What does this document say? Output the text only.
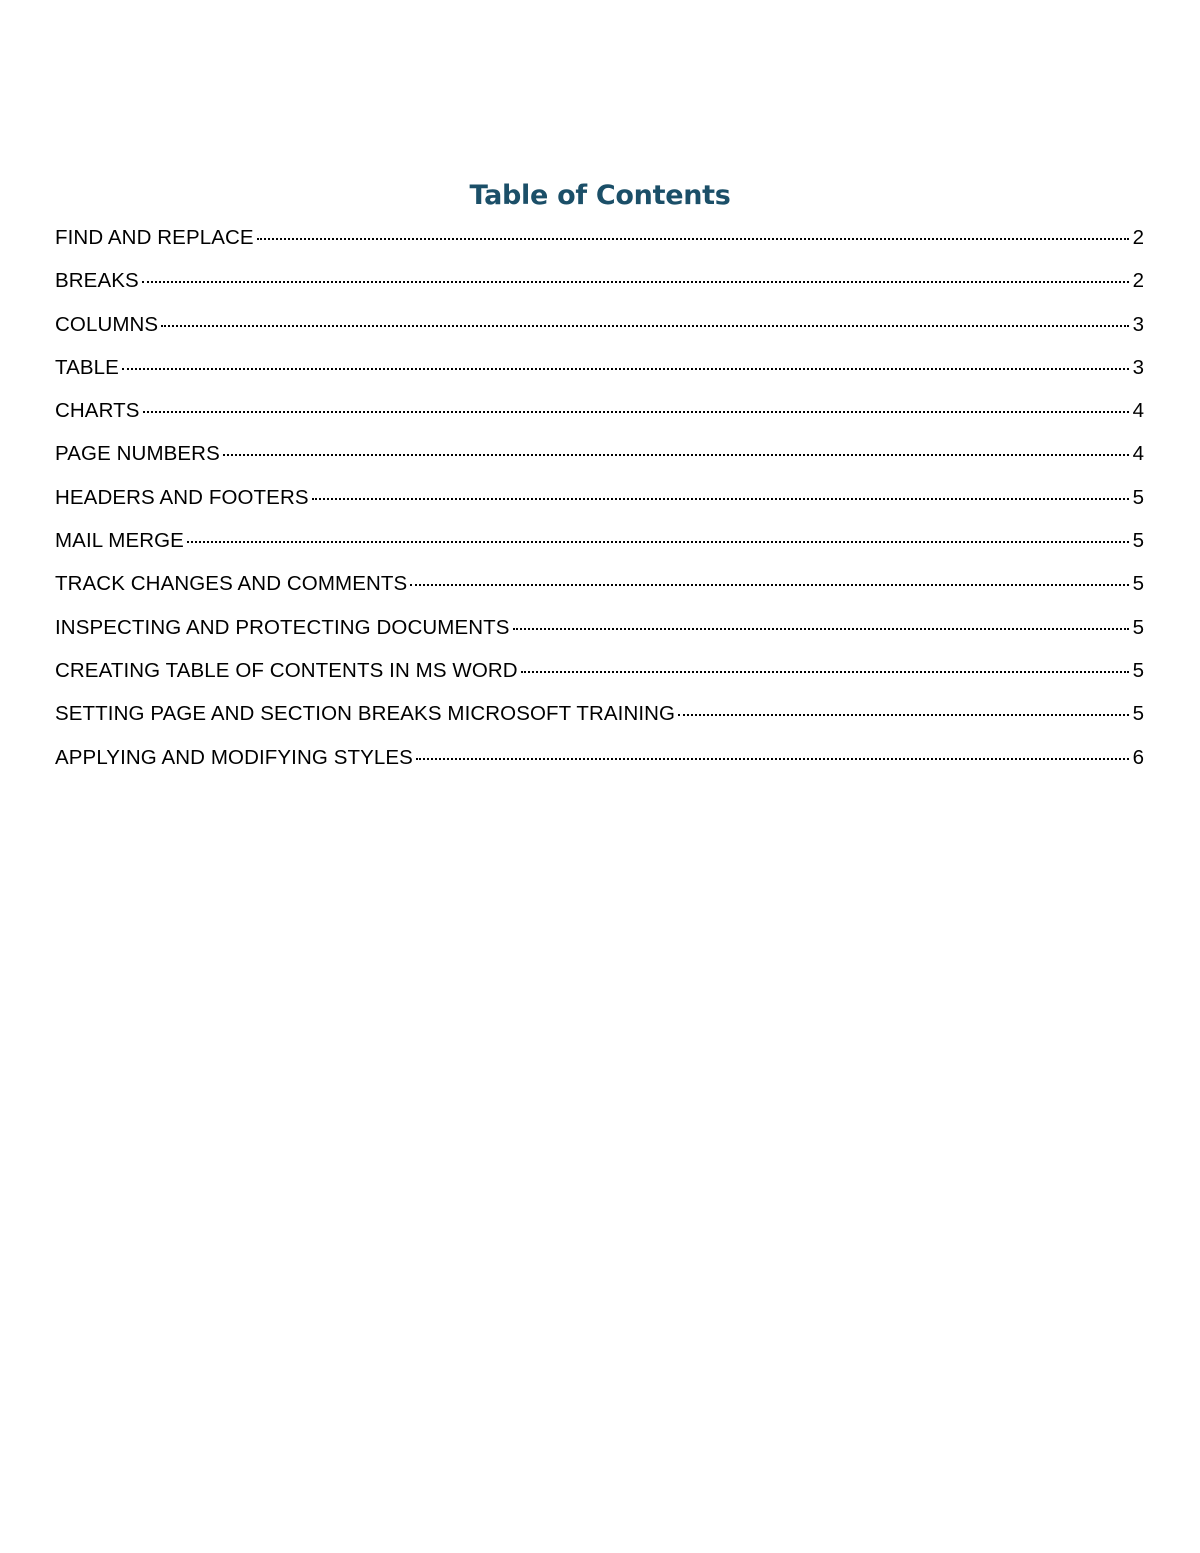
Table of Contents
FIND AND REPLACE	2
BREAKS	2
COLUMNS	3
TABLE	3
CHARTS	4
PAGE NUMBERS	4
HEADERS AND FOOTERS	5
MAIL MERGE	5
TRACK CHANGES AND COMMENTS	5
INSPECTING AND PROTECTING DOCUMENTS	5
CREATING TABLE OF CONTENTS IN MS WORD	5
SETTING PAGE AND SECTION BREAKS MICROSOFT TRAINING	5
APPLYING AND MODIFYING STYLES	6
